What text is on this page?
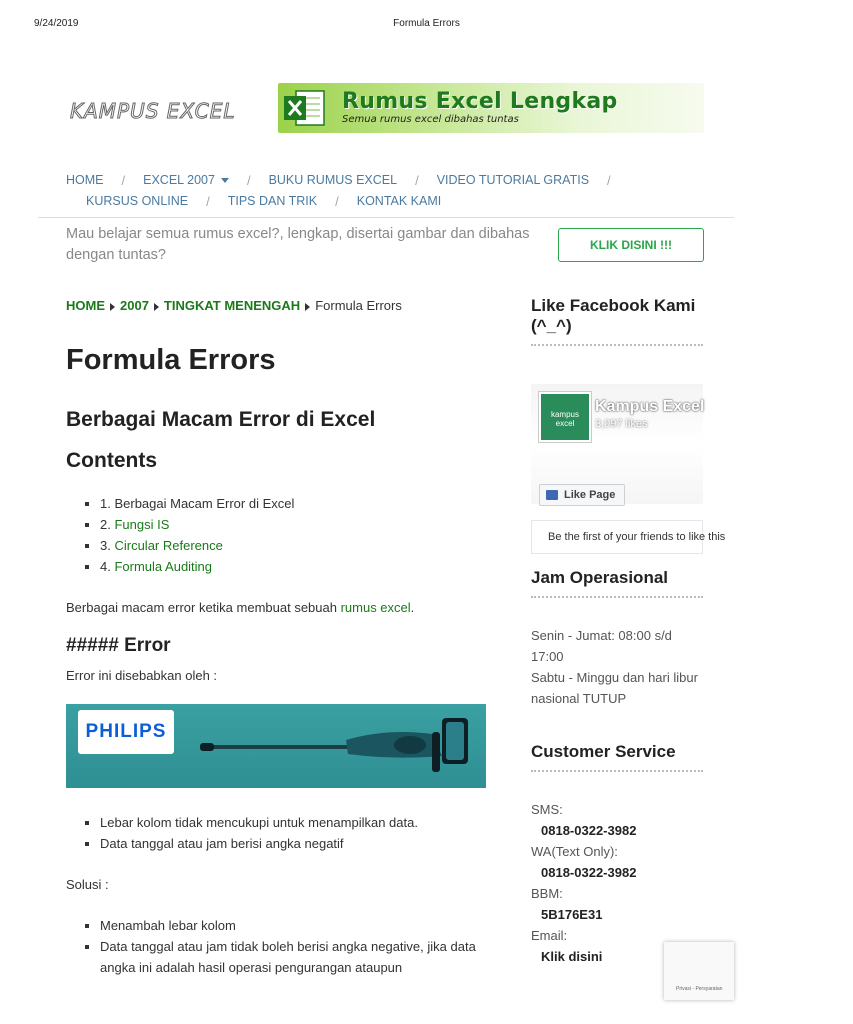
9/24/2019	Formula Errors
KAMPUS EXCEL	Rumus Excel Lengkap
Semua rumus excel dibahas tuntas
HOME / EXCEL 2007	/ BUKU RUMUS EXCEL / VIDEO TUTORIAL GRATIS /
KURSUS ONLINE / TIPS DAN TRIK / KONTAK KAMI
Mau belajar semua rumus excel?, lengkap, disertai gambar dan dibahas dengan tuntas?
KLIK DISINI !!!
HOME 2007 TINGKAT MENENGAH Formula Errors
Formula Errors
Berbagai Macam Error di Excel
Contents
▪ 1. Berbagai Macam Error di Excel
▪ 2. Fungsi IS
▪ 3. Circular Reference
▪ 4. Formula Auditing

Berbagai macam error ketika membuat sebuah rumus excel.

##### Error

Error ini disebabkan oleh :

PHILIPS
▪ Lebar kolom tidak mencukupi untuk menampilkan data.
▪ Data tanggal atau jam berisi angka negatif

Solusi :

▪ Menambah lebar kolom
▪ Data tanggal atau jam tidak boleh berisi angka negative, jika data angka ini adalah hasil operasi pengurangan ataupun
Like Facebook Kami (^_^)
kampus excel
Kampus Excel
3,097 likes
Like Page
Be the first of your friends to like this
Jam Operasional
Senin - Jumat: 08:00 s/d 17:00
Sabtu - Minggu dan hari libur nasional TUTUP
Customer Service
SMS:
0818-0322-3982
WA(Text Only):
0818-0322-3982
BBM:
5B176E31
Email:
Klik disini
Privasi - Persyaratan
